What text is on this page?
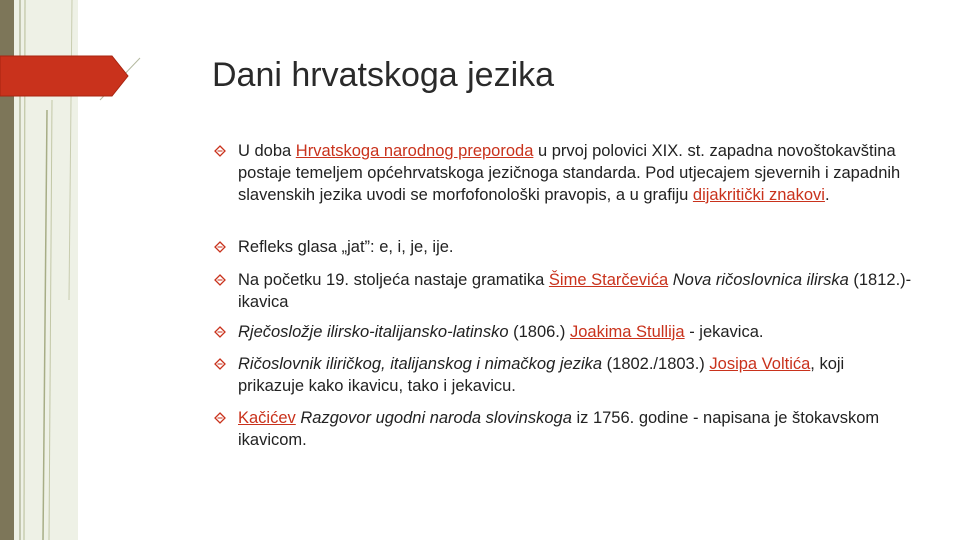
Dani hrvatskoga jezika
U doba Hrvatskoga narodnog preporoda u prvoj polovici XIX. st. zapadna novoštokavština postaje temeljem općehrvatskoga jezičnoga standarda. Pod utjecajem sjevernih i zapadnih slavenskih jezika uvodi se morfofonološki pravopis, a u grafiju dijakritički znakovi.
Refleks glasa „jat”: e, i, je, ije.
Na početku 19. stoljeća nastaje gramatika Šime Starčevića Nova ričoslovnica ilirska (1812.)- ikavica
Rječosložje ilirsko-italijansko-latinsko (1806.) Joakima Stullija - jekavica.
Ričoslovnik iliričkog, italijanskog i nimačkog jezika (1802./1803.) Josipa Voltića, koji prikazuje kako ikavicu, tako i jekavicu.
Kačićev Razgovor ugodni naroda slovinskoga iz 1756. godine - napisana je štokavskom ikavicom.
